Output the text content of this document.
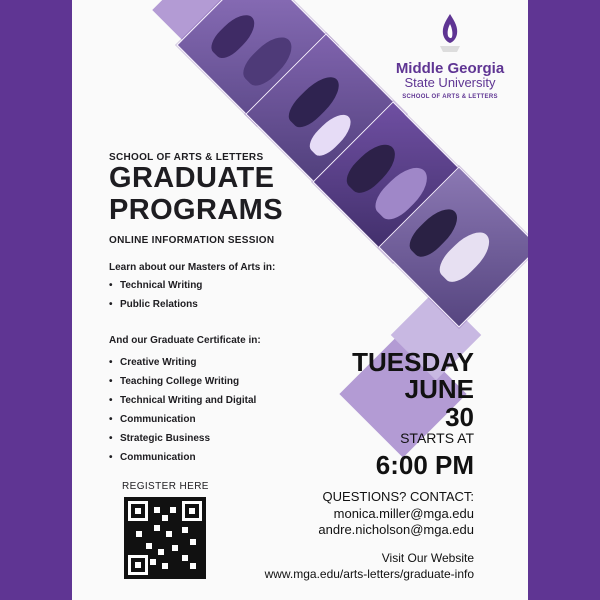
Middle Georgia
State University
SCHOOL OF ARTS & LETTERS
SCHOOL OF ARTS & LETTERS
GRADUATE
PROGRAMS
ONLINE INFORMATION SESSION
Learn about our Masters of Arts in:
• Technical Writing
• Public Relations
And our Graduate Certificate in:
• Creative Writing
• Teaching College Writing
• Technical Writing and Digital
• Communication
• Strategic Business
• Communication
REGISTER HERE
TUESDAY
JUNE
30
STARTS AT
6:00 PM
QUESTIONS? CONTACT:
monica.miller@mga.edu
andre.nicholson@mga.edu
Visit Our Website
www.mga.edu/arts-letters/graduate-info
